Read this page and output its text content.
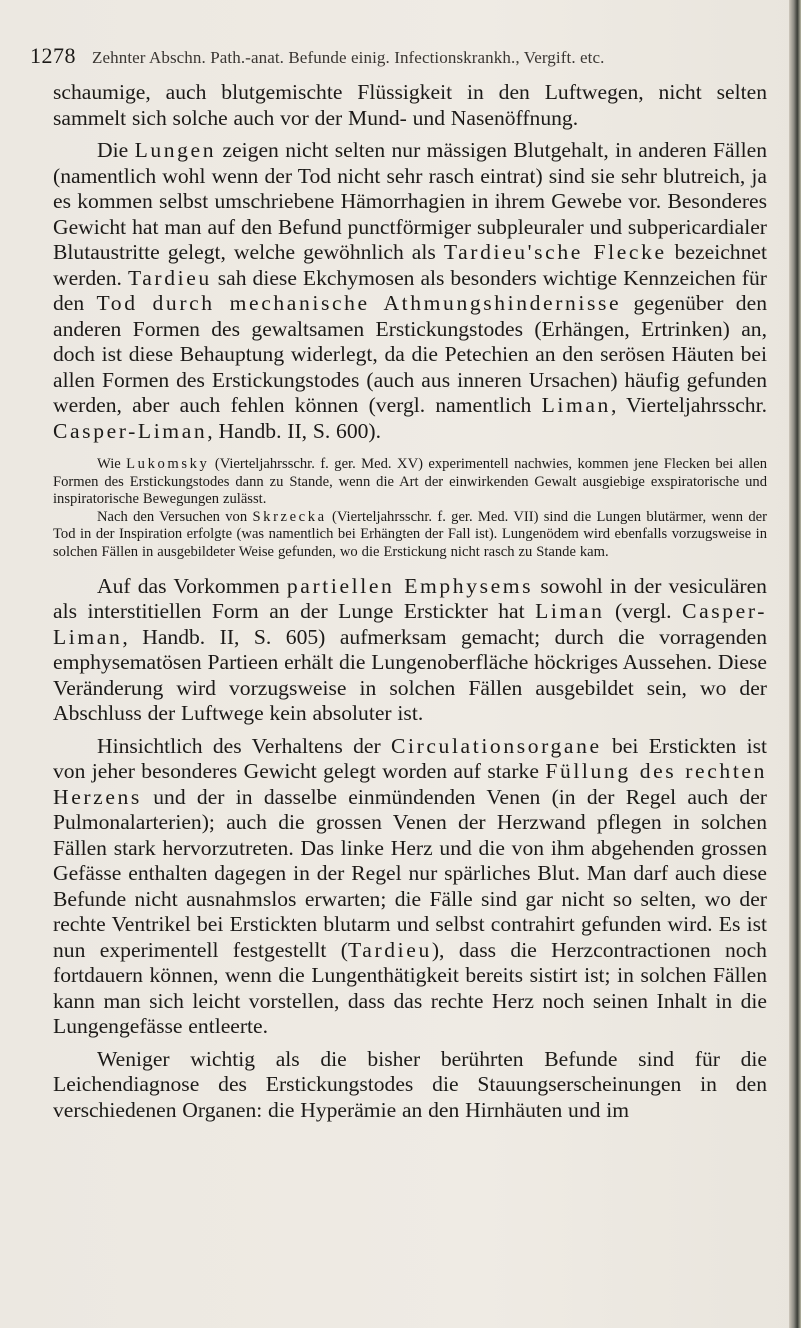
1278 Zehnter Abschn. Path.-anat. Befunde einig. Infectionskrankh., Vergift. etc.

schaumige, auch blutgemischte Flüssigkeit in den Luftwegen, nicht selten sammelt sich solche auch vor der Mund- und Nasenöffnung.

Die Lungen zeigen nicht selten nur mässigen Blutgehalt, in anderen Fällen (namentlich wohl wenn der Tod nicht sehr rasch eintrat) sind sie sehr blutreich, ja es kommen selbst umschriebene Hämorrhagien in ihrem Gewebe vor. Besonderes Gewicht hat man auf den Befund punctförmiger subpleuraler und subpericardialer Blutaustritte gelegt, welche gewöhnlich als Tardieu'sche Flecke bezeichnet werden. Tardieu sah diese Ekchymosen als besonders wichtige Kennzeichen für den Tod durch mechanische Athmungshindernisse gegenüber den anderen Formen des gewaltsamen Erstickungstodes (Erhängen, Ertrinken) an, doch ist diese Behauptung widerlegt, da die Petechien an den serösen Häuten bei allen Formen des Erstickungstodes (auch aus inneren Ursachen) häufig gefunden werden, aber auch fehlen können (vergl. namentlich Liman, Vierteljahrsschr. Casper-Liman, Handb. II, S. 600).

Wie Lukomsky (Vierteljahrsschr. f. ger. Med. XV) experimentell nachwies, kommen jene Flecken bei allen Formen des Erstickungstodes dann zu Stande, wenn die Art der einwirkenden Gewalt ausgiebige exspiratorische und inspiratorische Bewegungen zulässt.

Nach den Versuchen von Skrzecka (Vierteljahrsschr. f. ger. Med. VII) sind die Lungen blutärmer, wenn der Tod in der Inspiration erfolgte (was namentlich bei Erhängten der Fall ist). Lungenödem wird ebenfalls vorzugsweise in solchen Fällen in ausgebildeter Weise gefunden, wo die Erstickung nicht rasch zu Stande kam.

Auf das Vorkommen partiellen Emphysems sowohl in der vesiculären als interstitiellen Form an der Lunge Erstickter hat Liman (vergl. Casper-Liman, Handb. II, S. 605) aufmerksam gemacht; durch die vorragenden emphysematösen Partieen erhält die Lungenoberfläche höckriges Aussehen. Diese Veränderung wird vorzugsweise in solchen Fällen ausgebildet sein, wo der Abschluss der Luftwege kein absoluter ist.

Hinsichtlich des Verhaltens der Circulationsorgane bei Erstickten ist von jeher besonderes Gewicht gelegt worden auf starke Füllung des rechten Herzens und der in dasselbe einmündenden Venen (in der Regel auch der Pulmonalarterien); auch die grossen Venen der Herzwand pflegen in solchen Fällen stark hervorzutreten. Das linke Herz und die von ihm abgehenden grossen Gefässe enthalten dagegen in der Regel nur spärliches Blut. Man darf auch diese Befunde nicht ausnahmslos erwarten; die Fälle sind gar nicht so selten, wo der rechte Ventrikel bei Erstickten blutarm und selbst contrahirt gefunden wird. Es ist nun experimentell festgestellt (Tardieu), dass die Herzcontractionen noch fortdauern können, wenn die Lungenthätigkeit bereits sistirt ist; in solchen Fällen kann man sich leicht vorstellen, dass das rechte Herz noch seinen Inhalt in die Lungengefässe entleerte.

Weniger wichtig als die bisher berührten Befunde sind für die Leichendiagnose des Erstickungstodes die Stauungserscheinungen in den verschiedenen Organen: die Hyperämie an den Hirnhäuten und im
